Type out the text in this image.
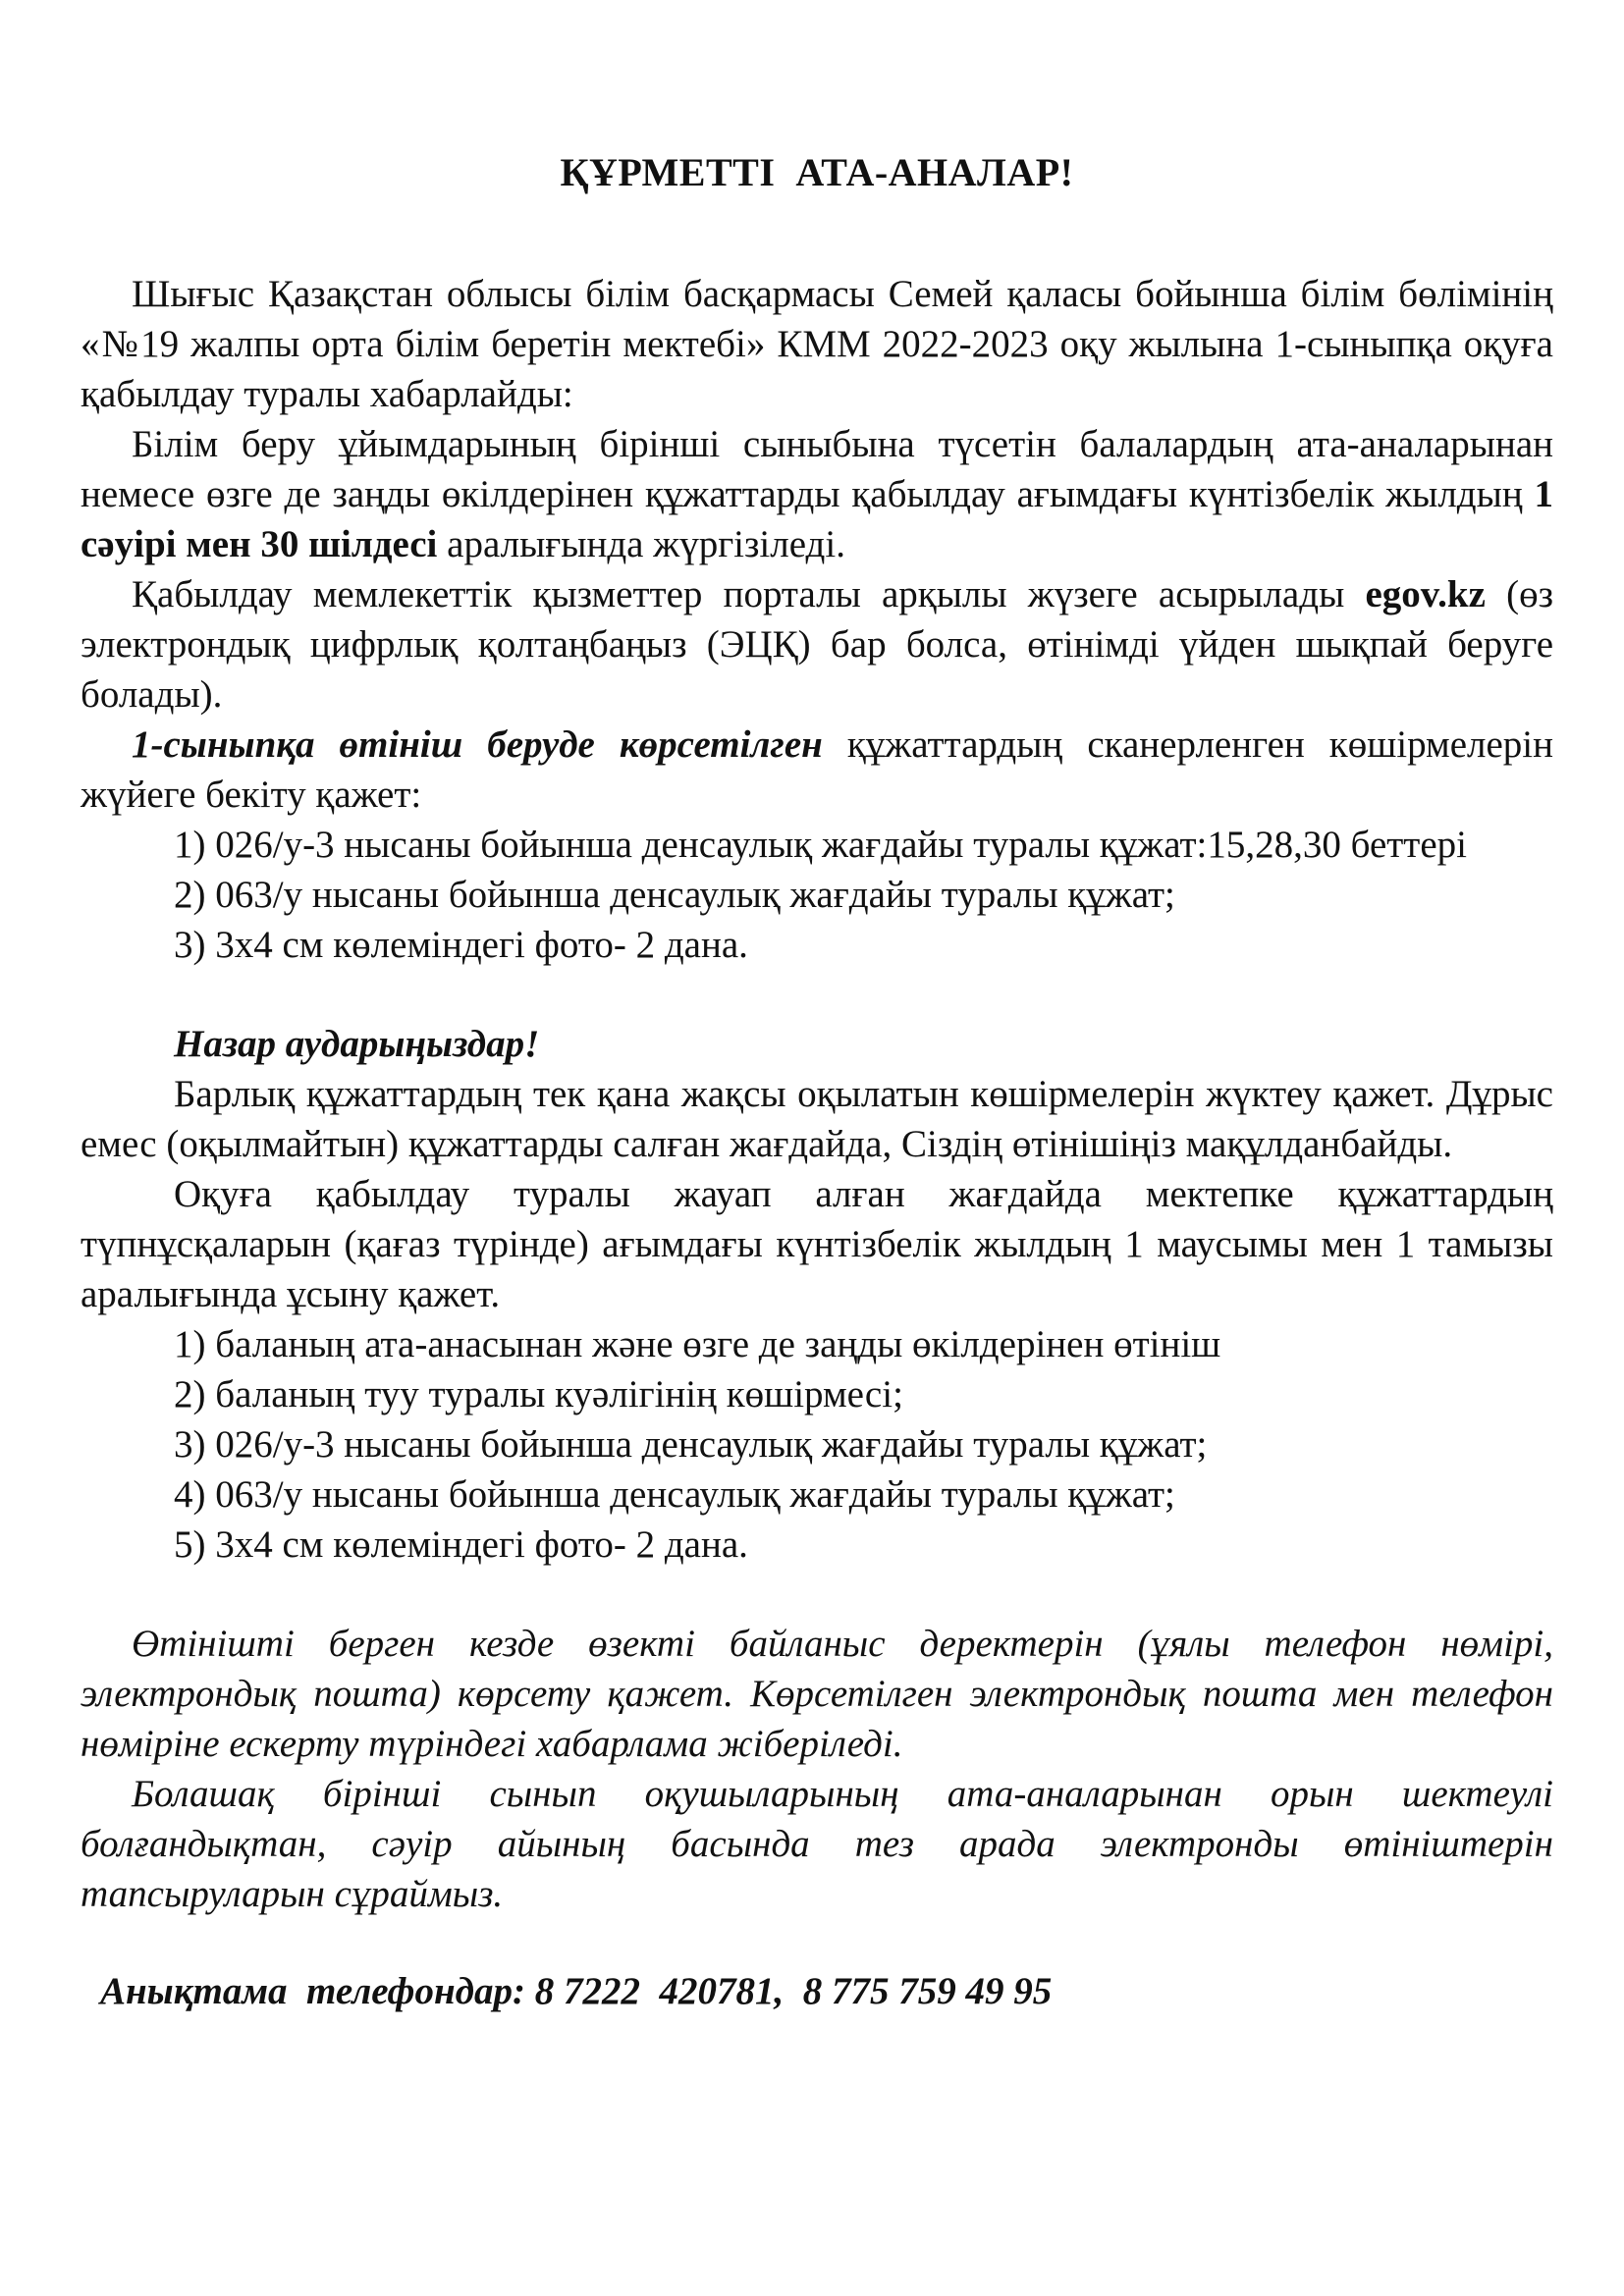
ҚҰРМЕТТІ  АТА-АНАЛАР!

Шығыс Қазақстан облысы білім басқармасы Семей қаласы бойынша білім бөлімінің «№19 жалпы орта білім беретін мектебі» КММ 2022-2023 оқу жылына 1-сыныпқа оқуға қабылдау туралы хабарлайды:

Білім беру ұйымдарының бірінші сыныбына түсетін балалардың ата-аналарынан немесе өзге де заңды өкілдерінен құжаттарды қабылдау ағымдағы күнтізбелік жылдың 1 сәуірі мен 30 шілдесі аралығында жүргізіледі.

Қабылдау мемлекеттік қызметтер порталы арқылы жүзеге асырылады egov.kz (өз электрондық цифрлық қолтаңбаңыз (ЭЦҚ) бар болса, өтінімді үйден шықпай беруге болады).

1-сыныпқа өтініш беруде көрсетілген құжаттардың сканерленген көшірмелерін жүйеге бекіту қажет:

1) 026/у-3 нысаны бойынша денсаулық жағдайы туралы құжат:15,28,30 беттері

2) 063/у нысаны бойынша денсаулық жағдайы туралы құжат;

3) 3х4 см көлеміндегі фото- 2 дана.

Назар аударыңыздар!

Барлық құжаттардың тек қана жақсы оқылатын көшірмелерін жүктеу қажет. Дұрыс емес (оқылмайтын) құжаттарды салған жағдайда, Сіздің өтінішіңіз мақұлданбайды.

Оқуға қабылдау туралы жауап алған жағдайда мектепке құжаттардың түпнұсқаларын (қағаз түрінде) ағымдағы күнтізбелік жылдың 1 маусымы мен 1 тамызы аралығында ұсыну қажет.

1) баланың ата-анасынан және өзге де заңды өкілдерінен өтініш

2) баланың туу туралы куәлігінің көшірмесі;

3) 026/у-3 нысаны бойынша денсаулық жағдайы туралы құжат;

4) 063/у нысаны бойынша денсаулық жағдайы туралы құжат;

5) 3х4 см көлеміндегі фото- 2 дана.

Өтінішті берген кезде өзекті байланыс деректерін (ұялы телефон нөмірі, электрондық пошта) көрсету қажет. Көрсетілген электрондық пошта мен телефон нөміріне ескерту түріндегі хабарлама жіберіледі.

Болашақ бірінші сынып оқушыларының ата-аналарынан орын шектеулі болғандықтан, сәуір айының басында тез арада электронды өтініштерін тапсыруларын сұраймыз.

Анықтама  телефондар: 8 7222  420781,  8 775 759 49 95
